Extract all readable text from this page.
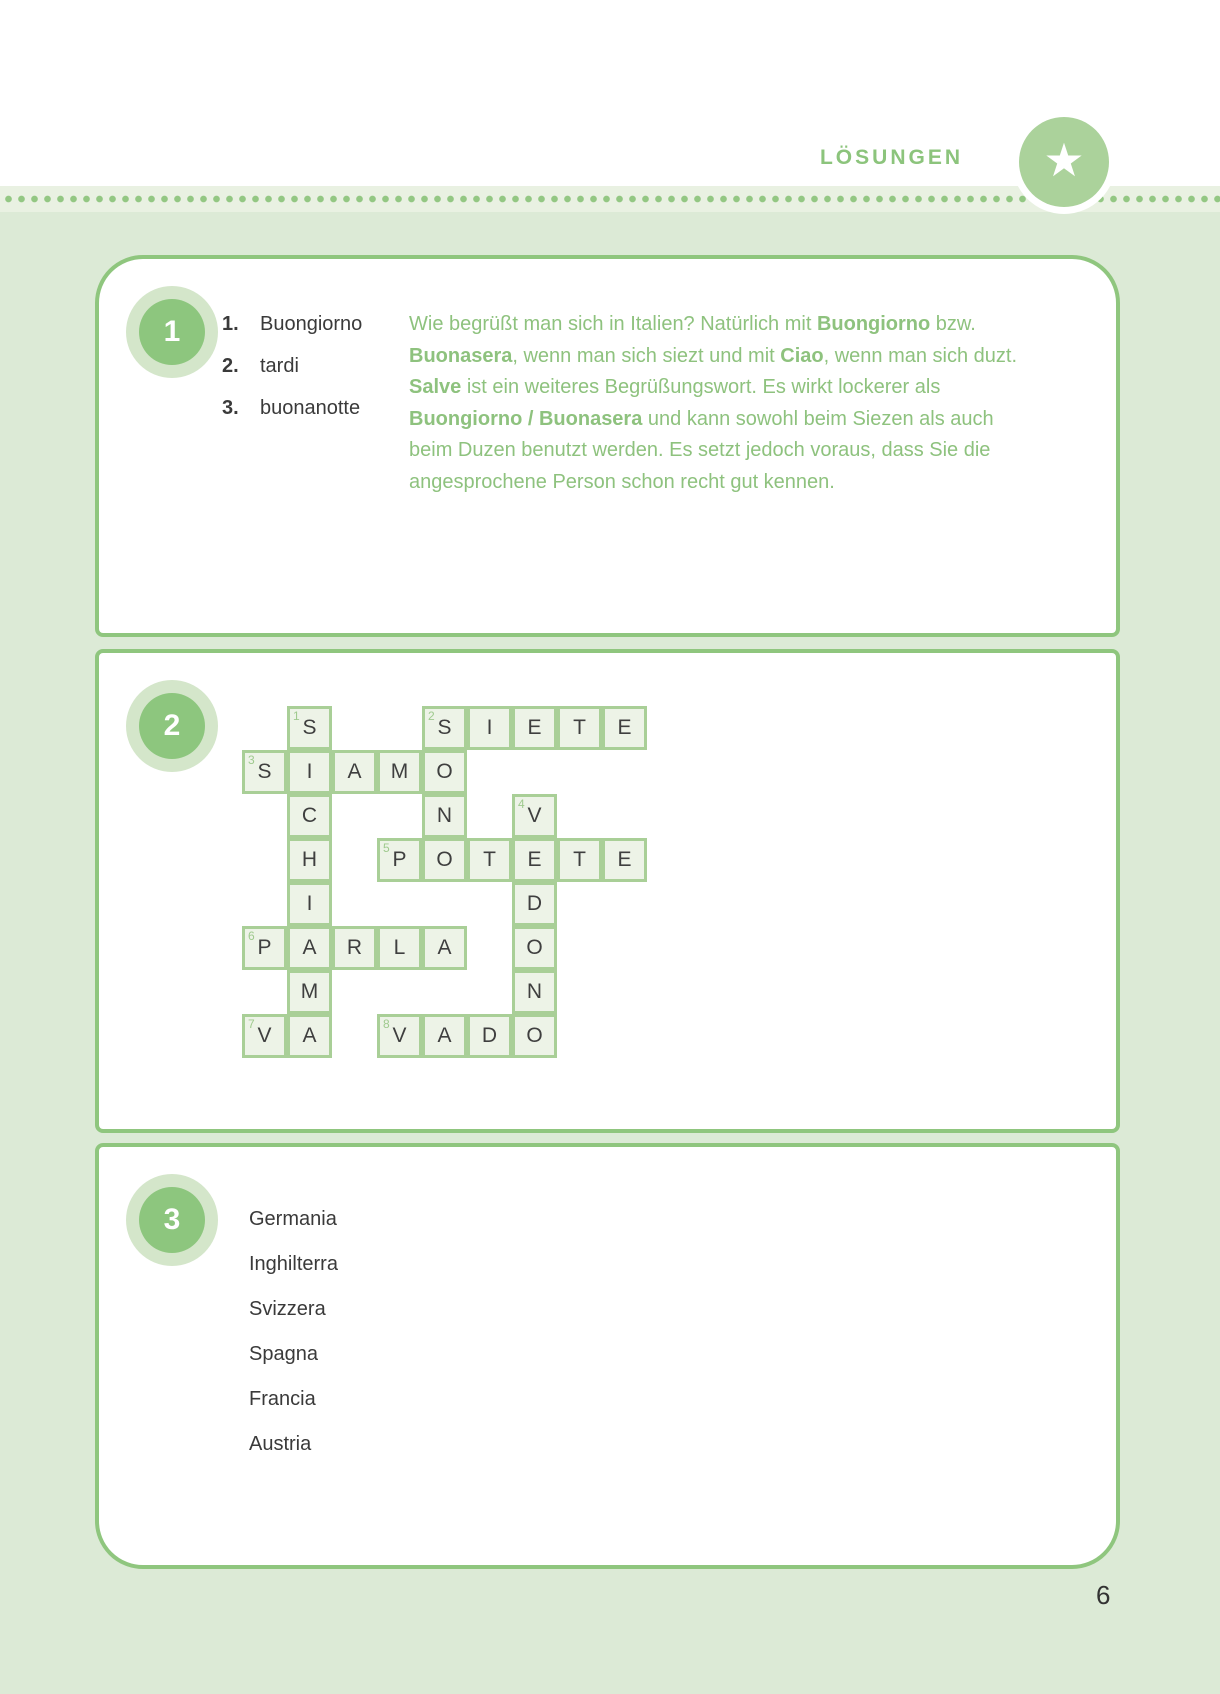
LÖSUNGEN ★
1	1.	Buongiorno
2.	tardi
3.	buonanotte

Wie begrüßt man sich in Italien? Natürlich mit Buongiorno bzw. Buonasera, wenn man sich siezt und mit Ciao, wenn man sich duzt. Salve ist ein weiteres Begrüßungswort. Es wirkt lockerer als Buongiorno / Buonasera und kann sowohl beim Siezen als auch beim Duzen benutzt werden. Es setzt jedoch voraus, dass Sie die angesprochene Person schon recht gut kennen.

2	1 S	2 S I E T E
3 S I A M O
C	N	4 V
H	5 P O T E T E
I	D
6 P A R L A	O
M	N
7 V A	8 V A D O
3	Germania
Inghilterra
Svizzera
Spagna
Francia
Austria
6
